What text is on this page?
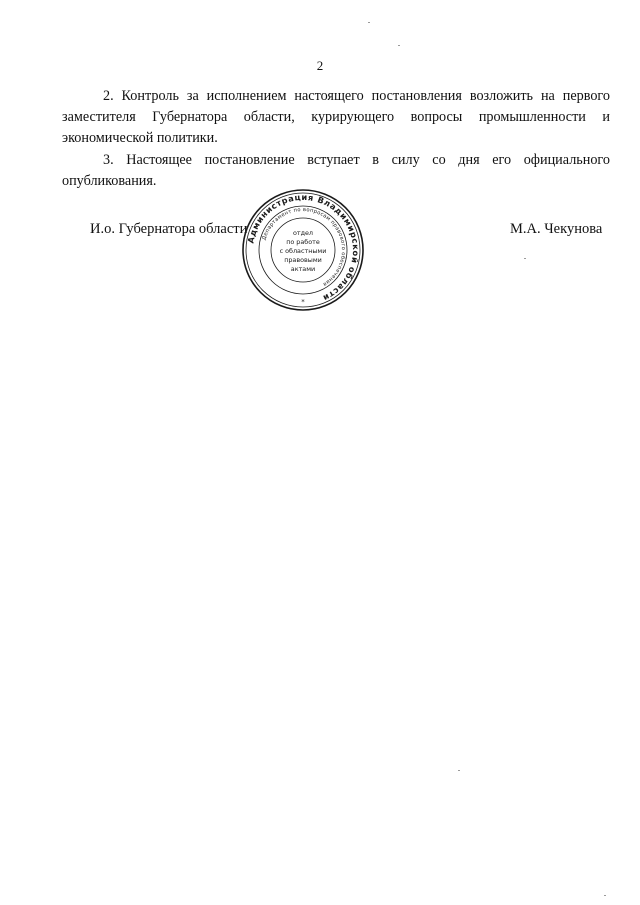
2

2. Контроль за исполнением настоящего постановления возложить на первого заместителя Губернатора области, курирующего вопросы промышленности и экономической политики.

3. Настоящее постановление вступает в силу со дня его официального опубликования.

И.о. Губернатора области	М.А. Чекунова
Администрация Владимирской области
Департамент по вопросам правового обеспечения
отдел
по работе
с областными
правовыми
актами
*
